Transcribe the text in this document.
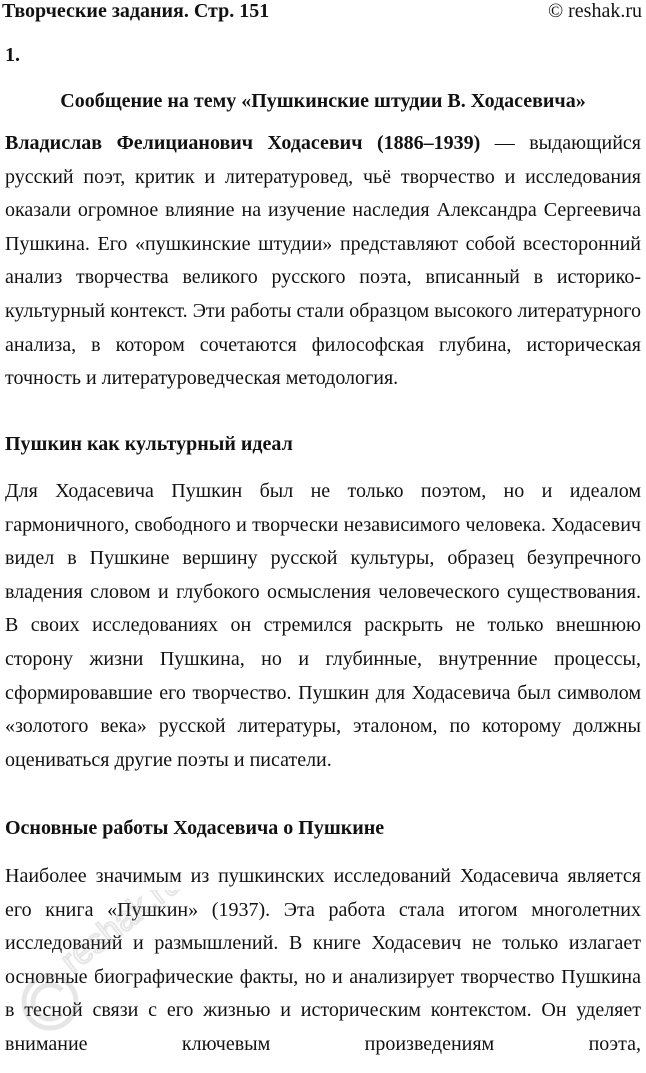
Творческие задания. Стр. 151	© reshak.ru
1.
Сообщение на тему «Пушкинские штудии В. Ходасевича»
Владислав Фелицианович Ходасевич (1886–1939) — выдающийся русский поэт, критик и литературовед, чьё творчество и исследования оказали огромное влияние на изучение наследия Александра Сергеевича Пушкина. Его «пушкинские штудии» представляют собой всесторонний анализ творчества великого русского поэта, вписанный в историко-культурный контекст. Эти работы стали образцом высокого литературного анализа, в котором сочетаются философская глубина, историческая точность и литературоведческая методология.
Пушкин как культурный идеал
Для Ходасевича Пушкин был не только поэтом, но и идеалом гармоничного, свободного и творчески независимого человека. Ходасевич видел в Пушкине вершину русской культуры, образец безупречного владения словом и глубокого осмысления человеческого существования. В своих исследованиях он стремился раскрыть не только внешнюю сторону жизни Пушкина, но и глубинные, внутренние процессы, сформировавшие его творчество. Пушкин для Ходасевича был символом «золотого века» русской литературы, эталоном, по которому должны оцениваться другие поэты и писатели.
Основные работы Ходасевича о Пушкине
Наиболее значимым из пушкинских исследований Ходасевича является его книга «Пушкин» (1937). Эта работа стала итогом многолетних исследований и размышлений. В книге Ходасевич не только излагает основные биографические факты, но и анализирует творчество Пушкина в тесной связи с его жизнью и историческим контекстом. Он уделяет внимание ключевым произведениям поэта,
reshak.ru
